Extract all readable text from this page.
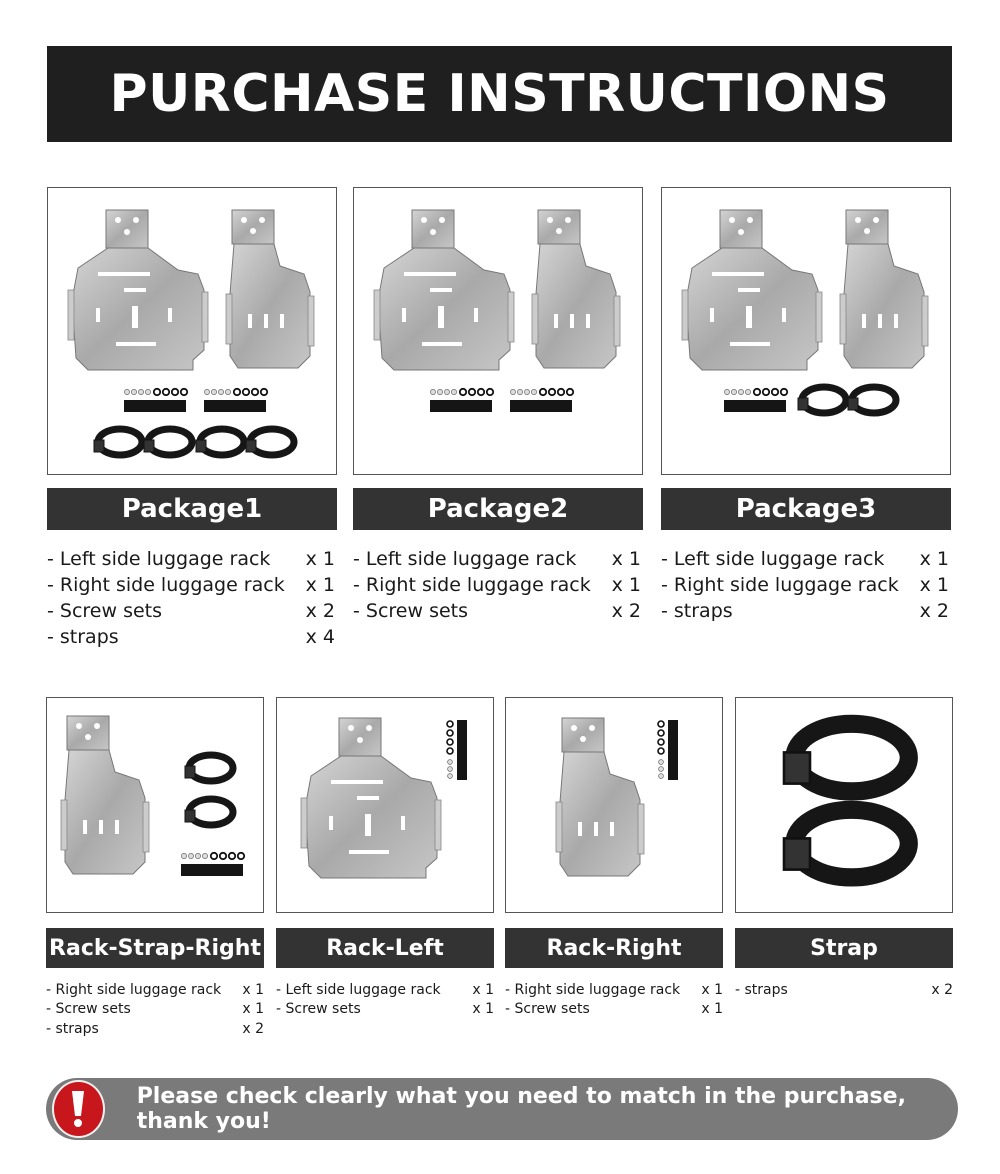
PURCHASE INSTRUCTIONS
Package1
- Left side luggage rack x 1
- Right side luggage rack x 1
- Screw sets	x 2
- straps	x 4
Package2
- Left side luggage rack x 1
- Right side luggage rack x 1
- Screw sets	x 2
Package3
- Left side luggage rack x 1
- Right side luggage rack x 1
- straps	x 2
Rack-Strap-Right
- Right side luggage rack x 1
- Screw sets	x 1
- straps	x 2
Rack-Left
- Left side luggage rack x 1
- Screw sets	x 1
Rack-Right
- Right side luggage rack x 1
- Screw sets	x 1
Strap
- straps	x 2
Please check clearly what you need to match in the purchase, thank you!
